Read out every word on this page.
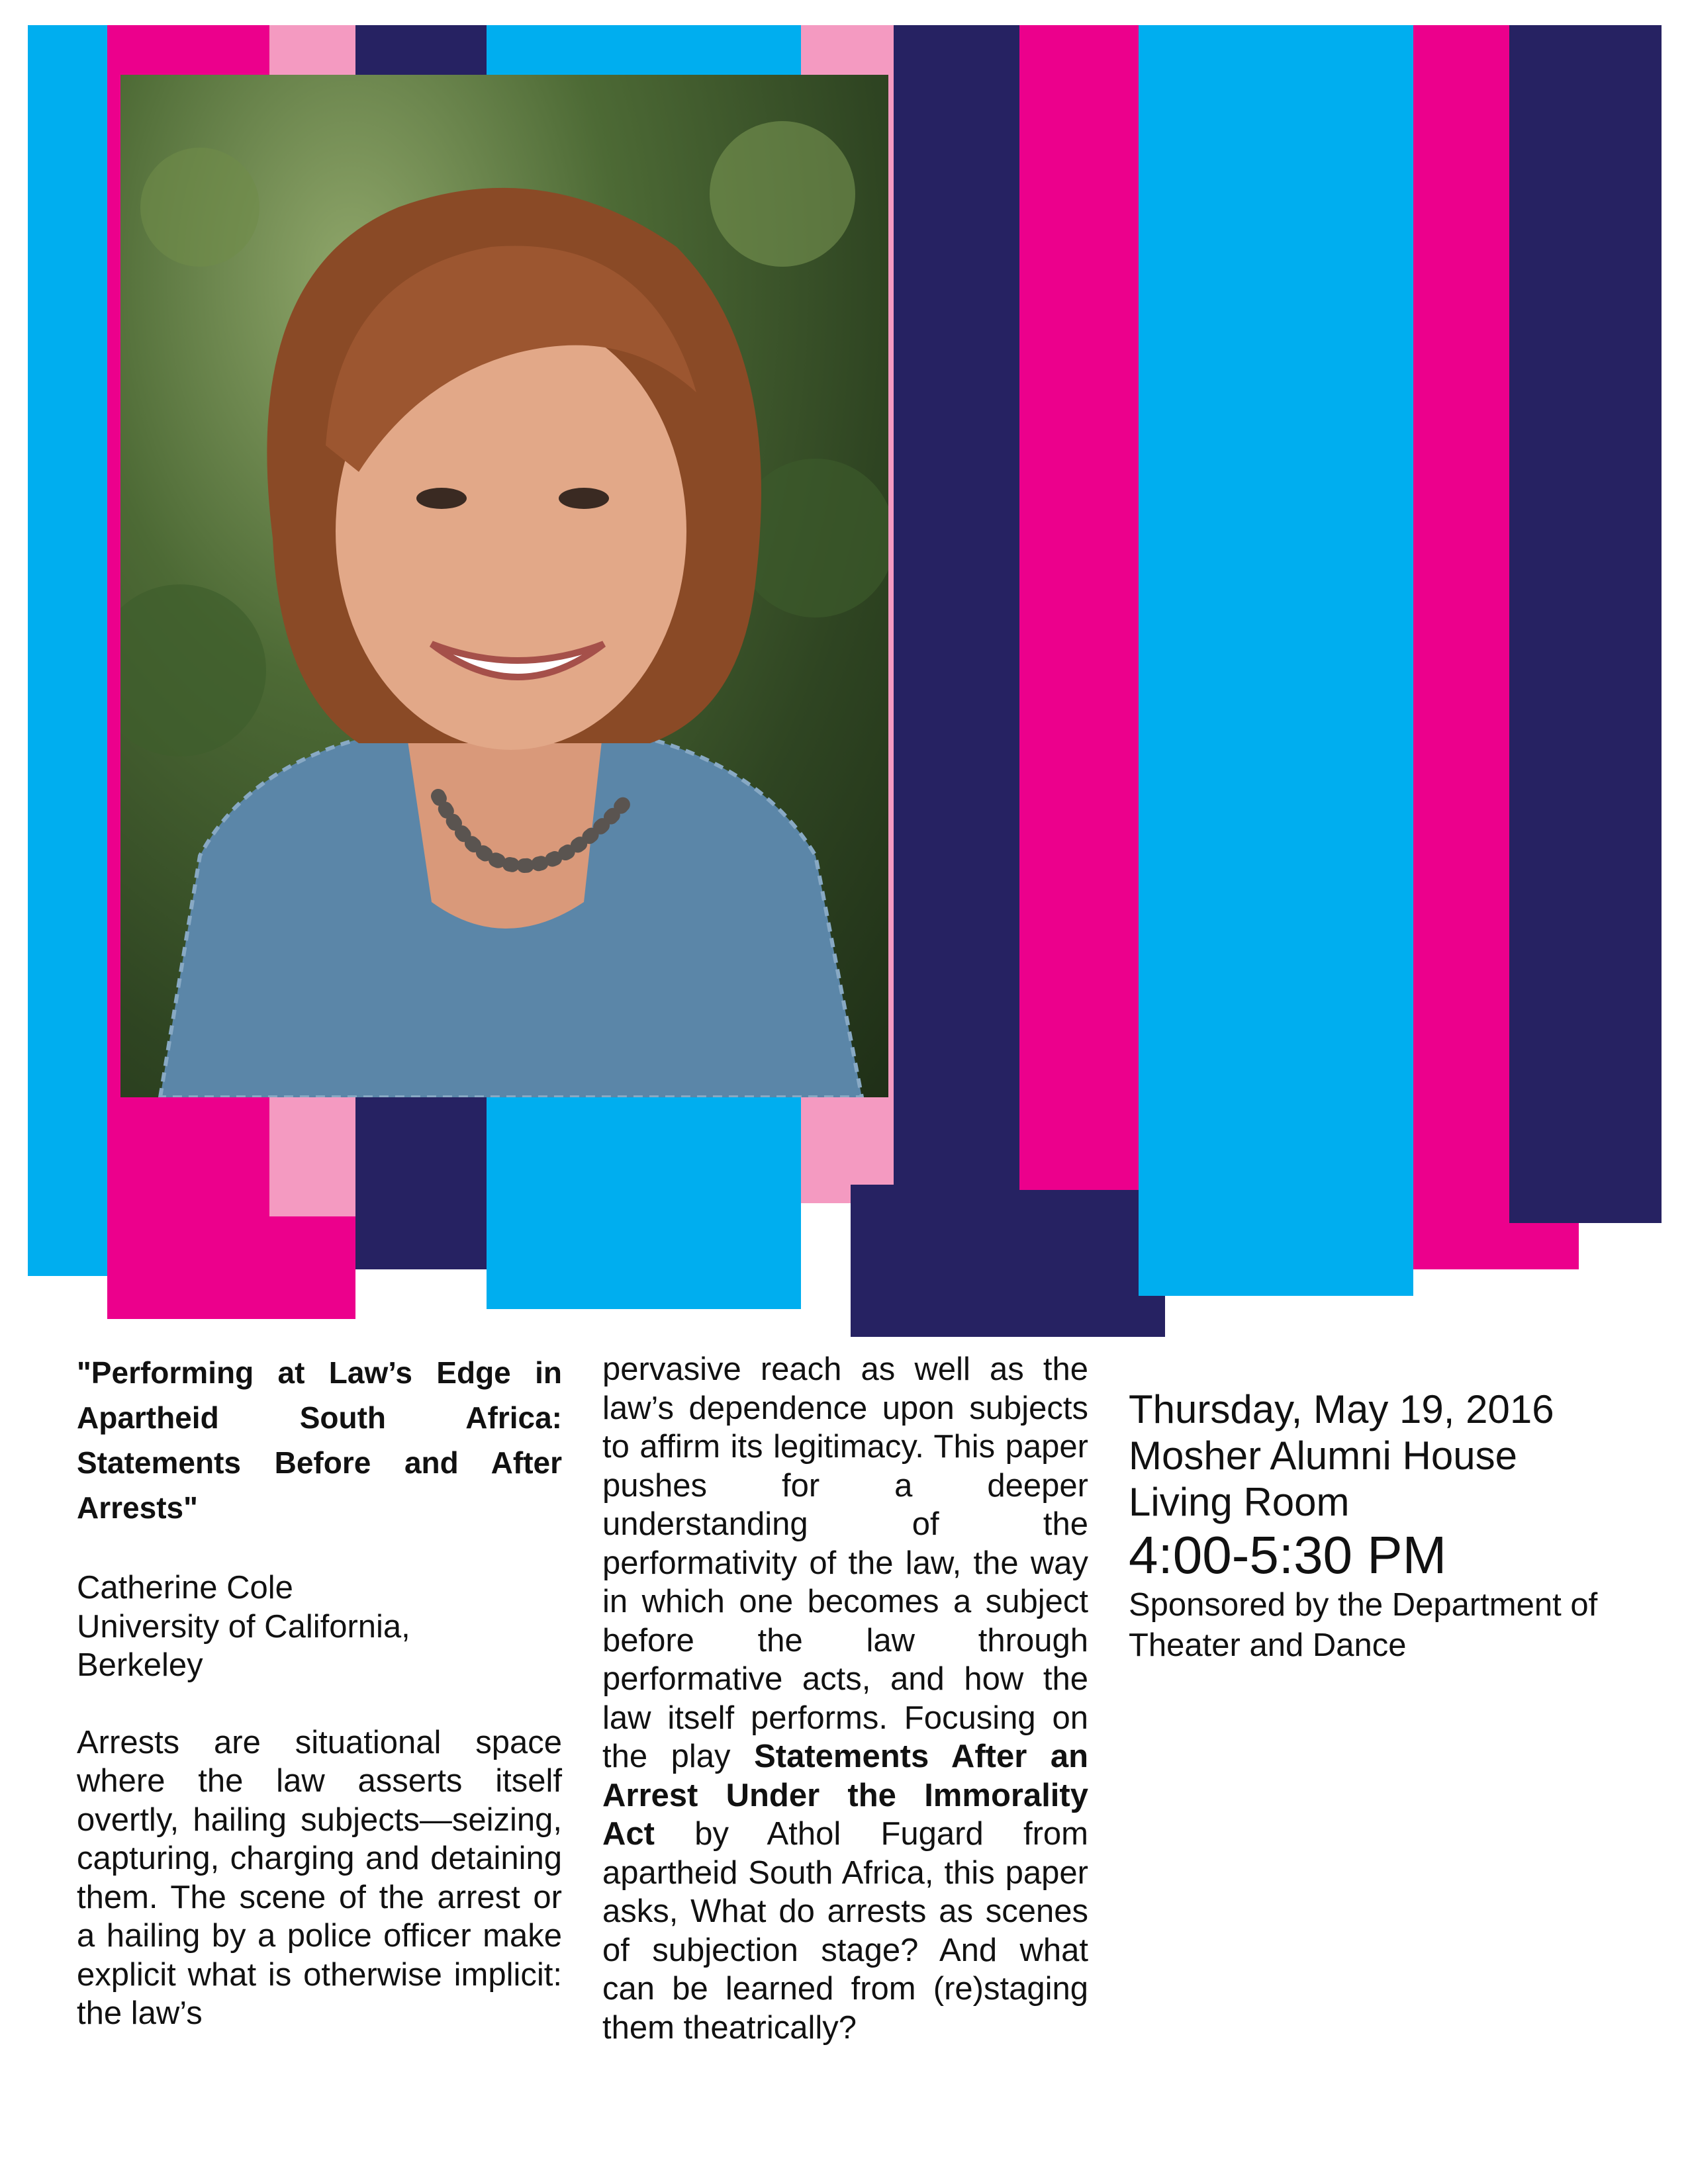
"Performing at Law’s Edge in Apartheid South Africa: Statements Before and After Arrests"

Catherine Cole

University of California,

Berkeley

Arrests are situational space where the law asserts itself overtly, hailing subjects—seizing, capturing, charging and detaining them. The scene of the arrest or a hailing by a police officer make explicit what is otherwise implicit: the law’s

pervasive reach as well as the law’s dependence upon subjects to affirm its legitimacy. This paper pushes for a deeper understanding of the performativity of the law, the way in which one becomes a subject before the law through performative acts, and how the law itself performs. Focusing on the play Statements After an Arrest Under the Immorality Act by Athol Fugard from apartheid South Africa, this paper asks, What do arrests as scenes of subjection stage? And what can be learned from (re)staging them theatrically?

Thursday, May 19, 2016

Mosher Alumni House

Living Room

4:00-5:30 PM

Sponsored by the Department of Theater and Dance
